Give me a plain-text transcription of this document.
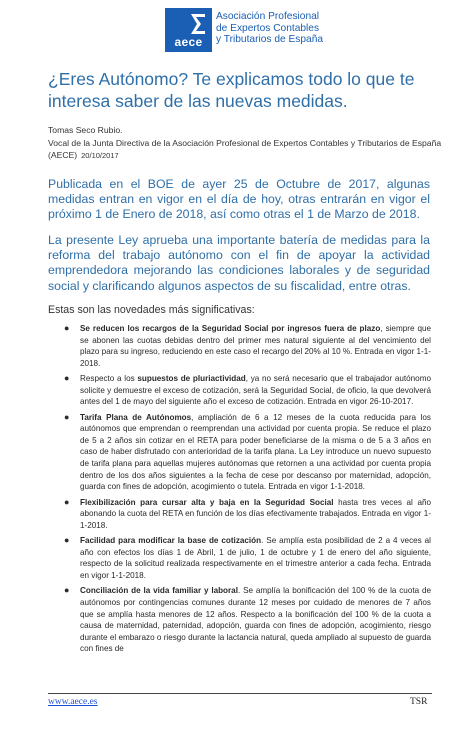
aece
Asociación Profesional
de Expertos Contables
y Tributarios de España
¿Eres Autónomo? Te explicamos todo lo que te interesa saber de las nuevas medidas.
Tomas Seco Rubio.
Vocal de la Junta Directiva de la Asociación Profesional de Expertos Contables y Tributarios de España (AECE) 20/10/2017

Publicada en el BOE de ayer 25 de Octubre de 2017, algunas medidas entran en vigor en el día de hoy, otras entrarán en vigor el próximo 1 de Enero de 2018, así como otras el 1 de Marzo de 2018.

La presente Ley aprueba una importante batería de medidas para la reforma del trabajo autónomo con el fin de apoyar la actividad emprendedora mejorando las condiciones laborales y de seguridad social y clarificando algunos aspectos de su fiscalidad, entre otras.

Estas son las novedades más significativas:
● Se reducen los recargos de la Seguridad Social por ingresos fuera de plazo, siempre que se abonen las cuotas debidas dentro del primer mes natural siguiente al del vencimiento del plazo para su ingreso, reduciendo en este caso el recargo del 20% al 10 %. Entrada en vigor 1-1-2018.
● Respecto a los supuestos de pluriactividad, ya no será necesario que el trabajador autónomo solicite y demuestre el exceso de cotización, será la Seguridad Social, de oficio, la que devolverá antes del 1 de mayo del siguiente año el exceso de cotización. Entrada en vigor 26-10-2017.
● Tarifa Plana de Autónomos, ampliación de 6 a 12 meses de la cuota reducida para los autónomos que emprendan o reemprendan una actividad por cuenta propia. Se reduce el plazo de 5 a 2 años sin cotizar en el RETA para poder beneficiarse de la misma o de 5 a 3 años en caso de haber disfrutado con anterioridad de la tarifa plana. La Ley introduce un nuevo supuesto de tarifa plana para aquellas mujeres autónomas que retornen a una actividad por cuenta propia dentro de los dos años siguientes a la fecha de cese por descanso por maternidad, adopción, guarda con fines de adopción, acogimiento o tutela. Entrada en vigor 1-1-2018.
● Flexibilización para cursar alta y baja en la Seguridad Social hasta tres veces al año abonando la cuota del RETA en función de los días efectivamente trabajados. Entrada en vigor 1-1-2018.
● Facilidad para modificar la base de cotización. Se amplía esta posibilidad de 2 a 4 veces al año con efectos los días 1 de Abril, 1 de julio, 1 de octubre y 1 de enero del año siguiente, respecto de la solicitud realizada respectivamente en el trimestre anterior a cada fecha. Entrada en vigor 1-1-2018.
● Conciliación de la vida familiar y laboral. Se amplía la bonificación del 100 % de la cuota de autónomos por contingencias comunes durante 12 meses por cuidado de menores de 7 años que se amplía hasta menores de 12 años. Respecto a la bonificación del 100 % de la cuota a causa de maternidad, paternidad, adopción, guarda con fines de adopción, acogimiento, riesgo durante el embarazo o riesgo durante la lactancia natural, queda ampliado al supuesto de guarda con fines de
www.aece.es	TSR
